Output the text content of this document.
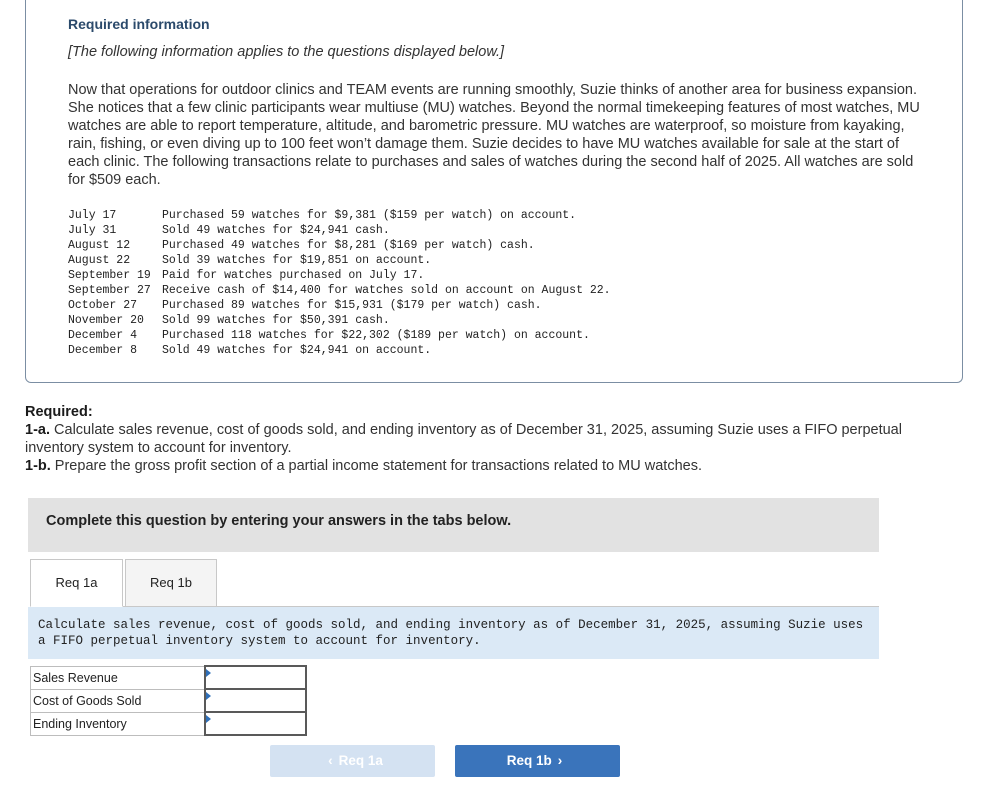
Required information
[The following information applies to the questions displayed below.]
Now that operations for outdoor clinics and TEAM events are running smoothly, Suzie thinks of another area for business expansion. She notices that a few clinic participants wear multiuse (MU) watches. Beyond the normal timekeeping features of most watches, MU watches are able to report temperature, altitude, and barometric pressure. MU watches are waterproof, so moisture from kayaking, rain, fishing, or even diving up to 100 feet won’t damage them. Suzie decides to have MU watches available for sale at the start of each clinic. The following transactions relate to purchases and sales of watches during the second half of 2025. All watches are sold for $509 each.
July 17	Purchased 59 watches for $9,381 ($159 per watch) on account.
July 31	Sold 49 watches for $24,941 cash.
August 12	Purchased 49 watches for $8,281 ($169 per watch) cash.
August 22	Sold 39 watches for $19,851 on account.
September 19	Paid for watches purchased on July 17.
September 27	Receive cash of $14,400 for watches sold on account on August 22.
October 27	Purchased 89 watches for $15,931 ($179 per watch) cash.
November 20	Sold 99 watches for $50,391 cash.
December 4	Purchased 118 watches for $22,302 ($189 per watch) on account.
December 8	Sold 49 watches for $24,941 on account.
Required:
1-a. Calculate sales revenue, cost of goods sold, and ending inventory as of December 31, 2025, assuming Suzie uses a FIFO perpetual inventory system to account for inventory.
1-b. Prepare the gross profit section of a partial income statement for transactions related to MU watches.
Complete this question by entering your answers in the tabs below.
Req 1a	Req 1b
Calculate sales revenue, cost of goods sold, and ending inventory as of December 31, 2025, assuming Suzie uses a FIFO perpetual inventory system to account for inventory.
Sales Revenue	

Cost of Goods Sold	

Ending Inventory	
‹ Req 1a	Req 1b ›
